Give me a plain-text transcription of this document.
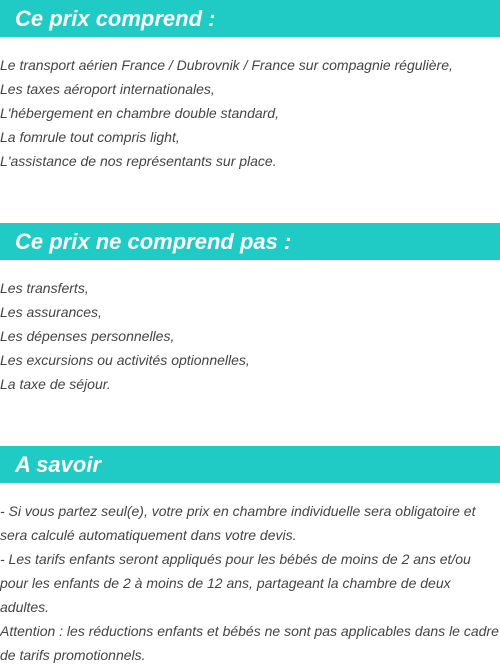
Ce prix comprend :
Le transport aérien France / Dubrovnik / France sur compagnie régulière,
Les taxes aéroport internationales,
L'hébergement en chambre double standard,
La fomrule tout compris light,
L'assistance de nos représentants sur place.
Ce prix ne comprend pas :
Les transferts,
Les assurances,
Les dépenses personnelles,
Les excursions ou activités optionnelles,
La taxe de séjour.
A savoir
- Si vous partez seul(e), votre prix en chambre individuelle sera obligatoire et sera calculé automatiquement dans votre devis.
- Les tarifs enfants seront appliqués pour les bébés de moins de 2 ans et/ou pour les enfants de 2 à moins de 12 ans, partageant la chambre de deux adultes.
Attention : les réductions enfants et bébés ne sont pas applicables dans le cadre de tarifs promotionnels.
